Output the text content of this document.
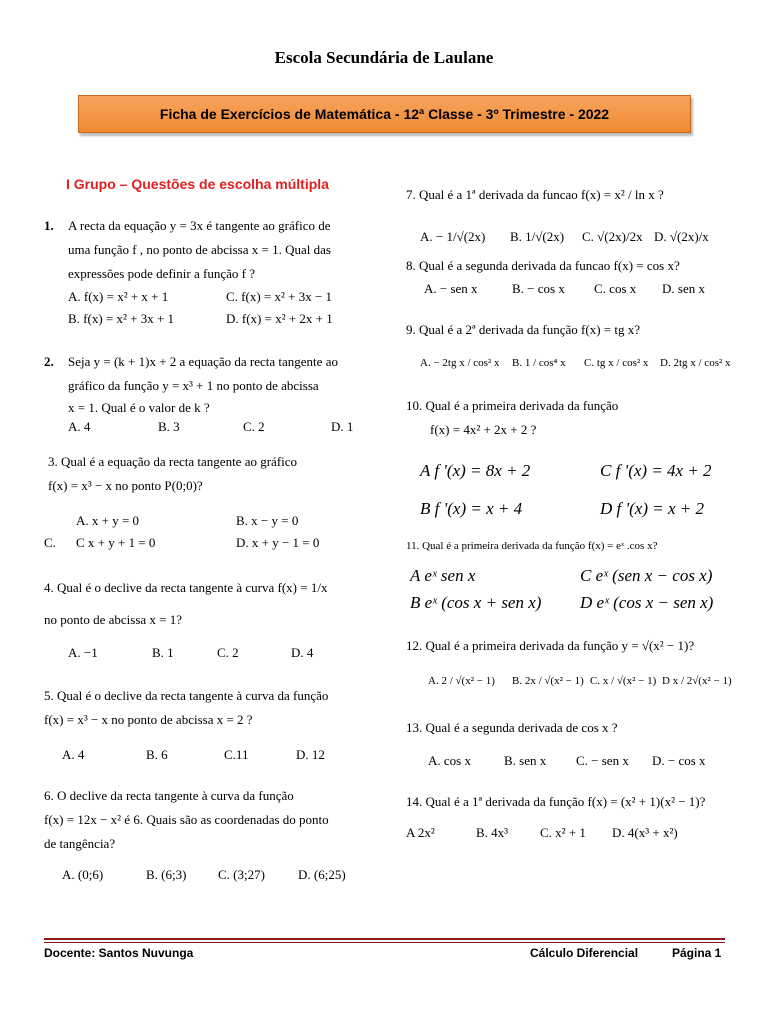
Escola Secundária de Laulane
Ficha de Exercícios de Matemática - 12ª Classe - 3º Trimestre - 2022
I Grupo – Questões de escolha múltipla
1. A recta da equação y = 3x é tangente ao gráfico de
uma função f , no ponto de abcissa x = 1. Qual das
expressões pode definir a função f ?
A. f(x) = x² + x + 1	C. f(x) = x² + 3x − 1
B. f(x) = x² + 3x + 1	D. f(x) = x² + 2x + 1
2. Seja y = (k + 1)x + 2 a equação da recta tangente ao
gráfico da função y = x³ + 1 no ponto de abcissa
x = 1. Qual é o valor de k ?
A. 4	B. 3	C. 2	D. 1
3. Qual é a equação da recta tangente ao gráfico
f(x) = x³ − x no ponto P(0;0)?
A. x + y = 0	B. x − y = 0
C.	C x + y + 1 = 0	D. x + y − 1 = 0
4. Qual é o declive da recta tangente à curva f(x) = 1/x
no ponto de abcissa x = 1?
A. −1	B. 1	C. 2	D. 4
5. Qual é o declive da recta tangente à curva da função
f(x) = x³ − x no ponto de abcissa x = 2 ?
A. 4	B. 6	C.11	D. 12
6. O declive da recta tangente à curva da função
f(x) = 12x − x² é 6. Quais são as coordenadas do ponto
de tangência?
A. (0;6)	B. (6;3)	C. (3;27)	D. (6;25)
7. Qual é a 1ª derivada da funcao f(x) = x² / ln x ?
A. − 1/√(2x)	B. 1/√(2x)	C. √(2x)/2x D. √(2x)/x
8. Qual é a segunda derivada da funcao f(x) = cos x?
A. − sen x	B. − cos x	C. cos x	D. sen x
9. Qual é a 2ª derivada da função f(x) = tg x?
A. − 2tg x / cos² x	B. 1 / cos⁴ x	C. tg x / cos² x	D. 2tg x / cos² x
10. Qual é a primeira derivada da função
f(x) = 4x² + 2x + 2 ?
A f '(x) = 8x + 2	C f '(x) = 4x + 2
B f '(x) = x + 4	D f '(x) = x + 2
11. Qual é a primeira derivada da função f(x) = eˣ .cos x?
A eˣ sen x	C eˣ (sen x − cos x)
B eˣ (cos x + sen x)	D eˣ (cos x − sen x)
12. Qual é a primeira derivada da função y = √(x² − 1)?
A. 2 / √(x² − 1)	B. 2x / √(x² − 1) C. x / √(x² − 1) D x / 2√(x² − 1)
13. Qual é a segunda derivada de cos x ?
A. cos x	B. sen x	C. − sen x	D. − cos x
14. Qual é a 1ª derivada da função f(x) = (x² + 1)(x² − 1)?
A 2x²	B. 4x³	C. x² + 1	D. 4(x³ + x²)
Docente: Santos Nuvunga	Cálculo Diferencial	Página 1
